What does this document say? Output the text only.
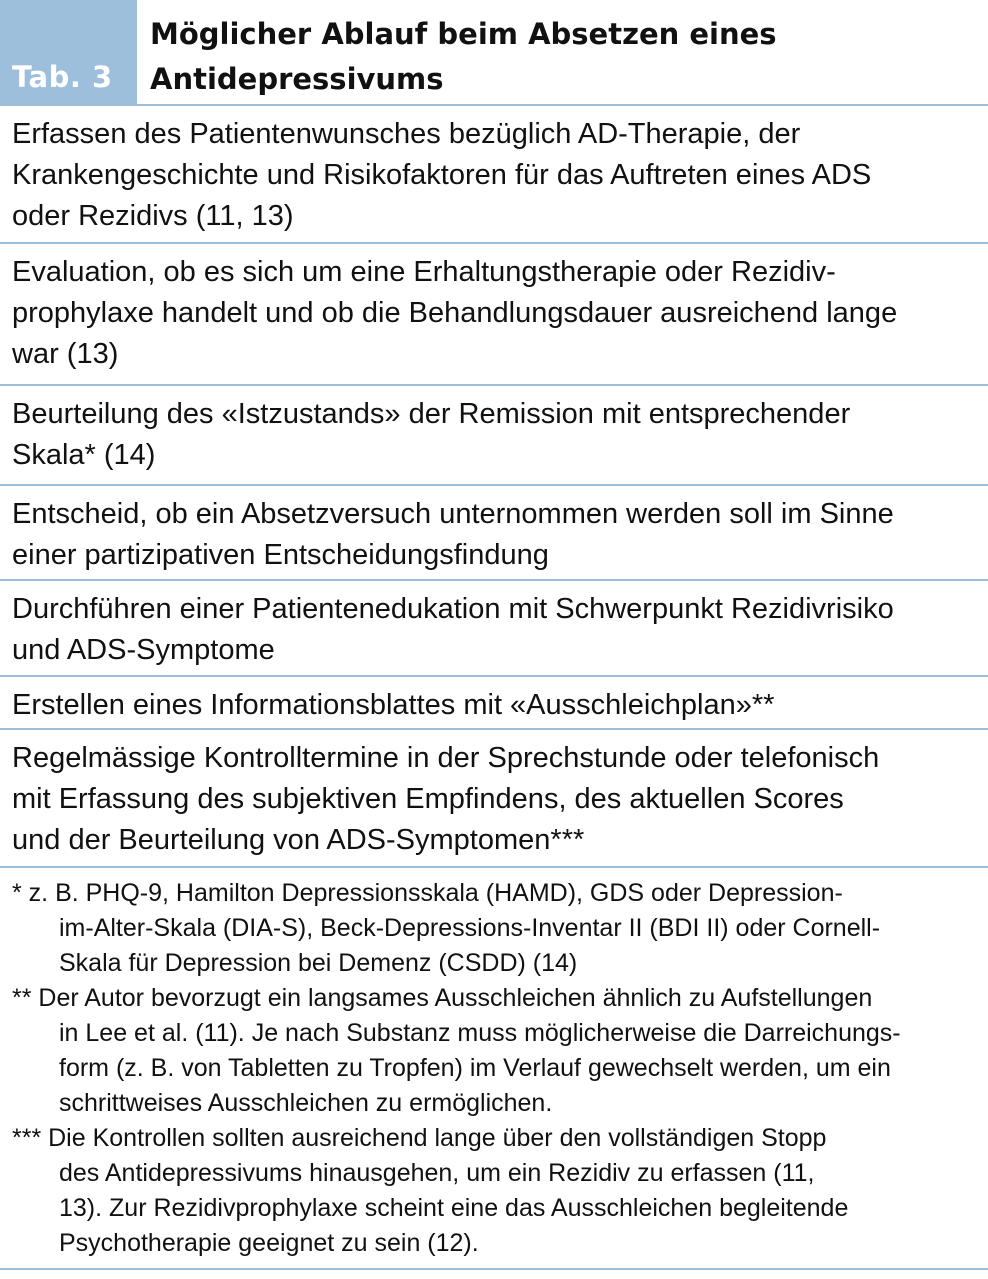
Tab. 3
Möglicher Ablauf beim Absetzen eines
Antidepressivums
Erfassen des Patientenwunsches bezüglich AD-Therapie, der
Krankengeschichte und Risikofaktoren für das Auftreten eines ADS
oder Rezidivs (11, 13)
Evaluation, ob es sich um eine Erhaltungstherapie oder Rezidiv-
prophylaxe handelt und ob die Behandlungsdauer ausreichend lange
war (13)
Beurteilung des «Istzustands» der Remission mit entsprechender
Skala* (14)
Entscheid, ob ein Absetzversuch unternommen werden soll im Sinne
einer partizipativen Entscheidungsfindung
Durchführen einer Patientenedukation mit Schwerpunkt Rezidivrisiko
und ADS-Symptome
Erstellen eines Informationsblattes mit «Ausschleichplan»**
Regelmässige Kontrolltermine in der Sprechstunde oder telefonisch
mit Erfassung des subjektiven Empfindens, des aktuellen Scores
und der Beurteilung von ADS-Symptomen***
* z. B. PHQ-9, Hamilton Depressionsskala (HAMD), GDS oder Depression-
im-Alter-Skala (DIA-S), Beck-Depressions-Inventar II (BDI II) oder Cornell-
Skala für Depression bei Demenz (CSDD) (14)
** Der Autor bevorzugt ein langsames Ausschleichen ähnlich zu Aufstellungen
in Lee et al. (11). Je nach Substanz muss möglicherweise die Darreichungs-
form (z. B. von Tabletten zu Tropfen) im Verlauf gewechselt werden, um ein
schrittweises Ausschleichen zu ermöglichen.
*** Die Kontrollen sollten ausreichend lange über den vollständigen Stopp
des Antidepressivums hinausgehen, um ein Rezidiv zu erfassen (11,
13). Zur Rezidivprophylaxe scheint eine das Ausschleichen begleitende
Psychotherapie geeignet zu sein (12).
